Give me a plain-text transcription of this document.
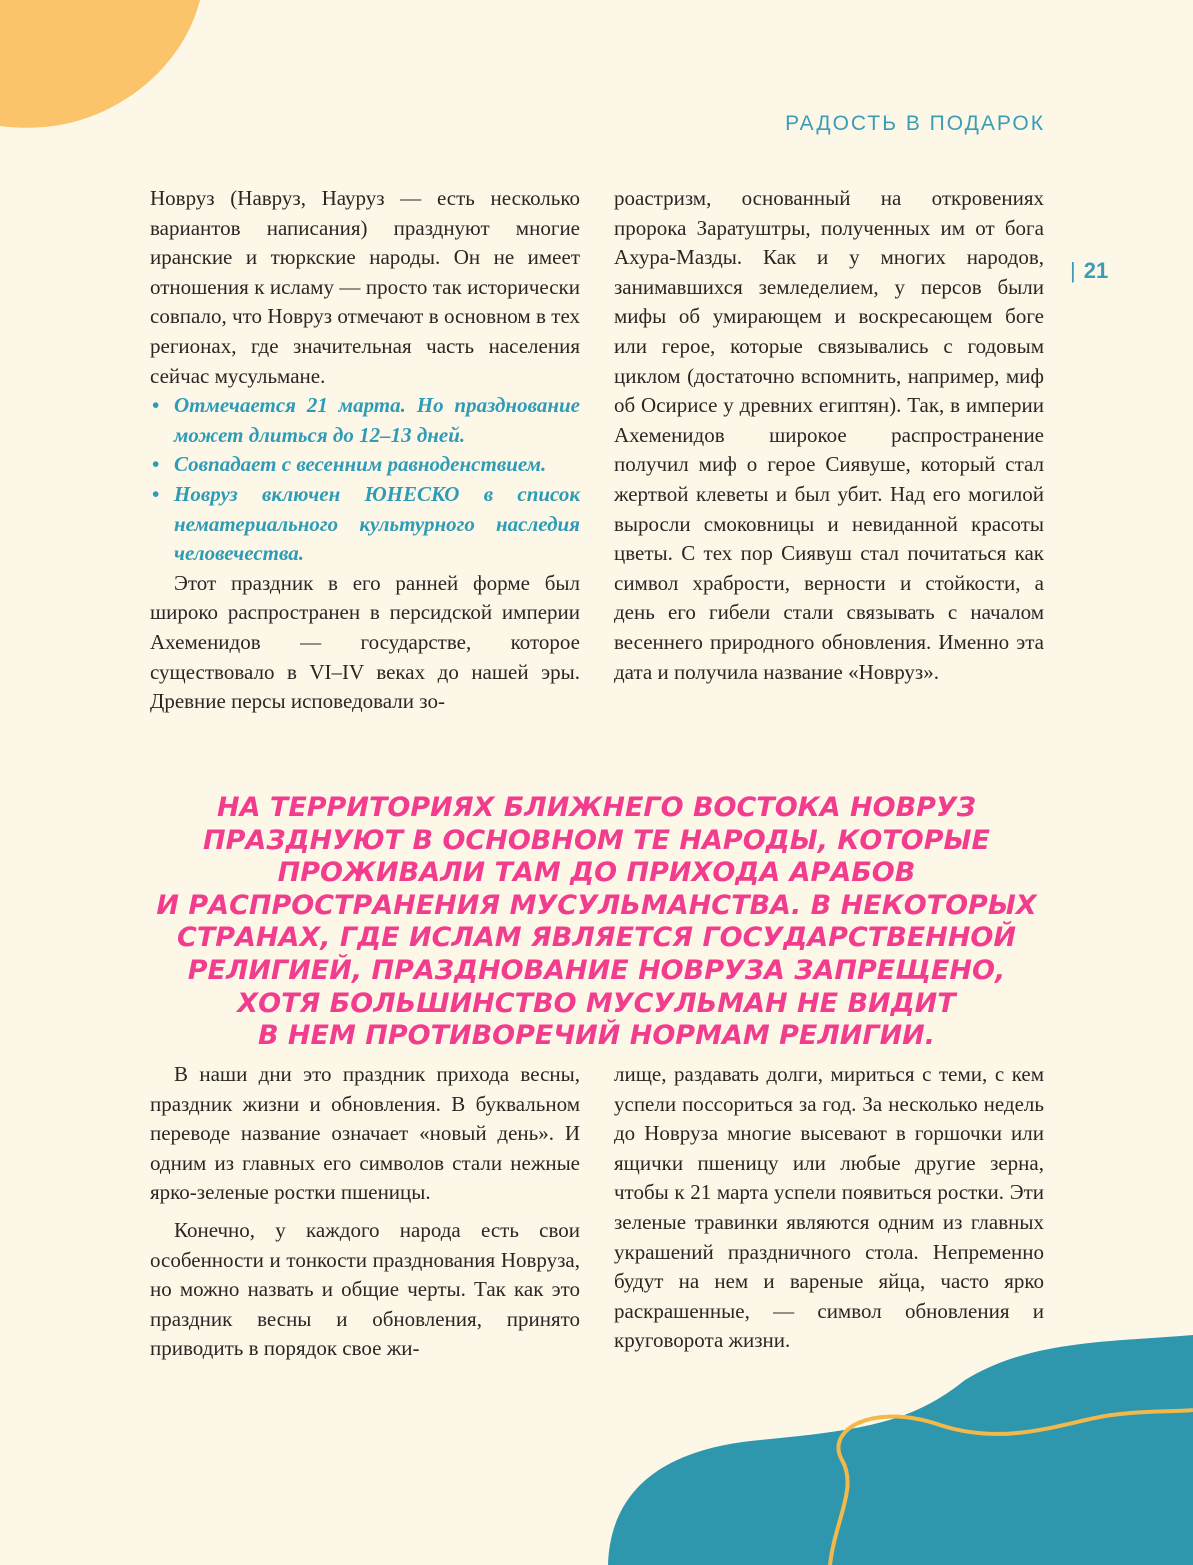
РАДОСТЬ В ПОДАРОК
| 21

Новруз (Навруз, Науруз — есть несколько вариантов написания) празднуют многие иранские и тюркские народы. Он не имеет отношения к исламу — просто так исторически совпало, что Новруз отмечают в основном в тех регионах, где значительная часть населения сейчас мусульмане.

• Отмечается 21 марта. Но празднование может длиться до 12–13 дней.
• Совпадает с весенним равноденствием.
• Новруз включен ЮНЕСКО в список нематериального культурного наследия человечества.

Этот праздник в его ранней форме был широко распространен в персидской империи Ахеменидов — государстве, которое существовало в VI–IV веках до нашей эры. Древние персы исповедовали зо-

роастризм, основанный на откровениях пророка Заратуштры, полученных им от бога Ахура-Мазды. Как и у многих народов, занимавшихся земледелием, у персов были мифы об умирающем и воскресающем боге или герое, которые связывались с годовым циклом (достаточно вспомнить, например, миф об Осирисе у древних египтян). Так, в империи Ахеменидов широкое распространение получил миф о герое Сиявуше, который стал жертвой клеветы и был убит. Над его могилой выросли смоковницы и невиданной красоты цветы. С тех пор Сиявуш стал почитаться как символ храбрости, верности и стойкости, а день его гибели стали связывать с началом весеннего природного обновления. Именно эта дата и получила название «Новруз».

НА ТЕРРИТОРИЯХ БЛИЖНЕГО ВОСТОКА НОВРУЗ
ПРАЗДНУЮТ В ОСНОВНОМ ТЕ НАРОДЫ, КОТОРЫЕ
ПРОЖИВАЛИ ТАМ ДО ПРИХОДА АРАБОВ
И РАСПРОСТРАНЕНИЯ МУСУЛЬМАНСТВА. В НЕКОТОРЫХ
СТРАНАХ, ГДЕ ИСЛАМ ЯВЛЯЕТСЯ ГОСУДАРСТВЕННОЙ
РЕЛИГИЕЙ, ПРАЗДНОВАНИЕ НОВРУЗА ЗАПРЕЩЕНО,
ХОТЯ БОЛЬШИНСТВО МУСУЛЬМАН НЕ ВИДИТ
В НЕМ ПРОТИВОРЕЧИЙ НОРМАМ РЕЛИГИИ.

В наши дни это праздник прихода весны, праздник жизни и обновления. В буквальном переводе название означает «новый день». И одним из главных его символов стали нежные ярко-зеленые ростки пшеницы.

Конечно, у каждого народа есть свои особенности и тонкости празднования Новруза, но можно назвать и общие черты. Так как это праздник весны и обновления, принято приводить в порядок свое жи-

лище, раздавать долги, мириться с теми, с кем успели поссориться за год. За несколько недель до Новруза многие высевают в горшочки или ящички пшеницу или любые другие зерна, чтобы к 21 марта успели появиться ростки. Эти зеленые травинки являются одним из главных украшений праздничного стола. Непременно будут на нем и вареные яйца, часто ярко раскрашенные, — символ обновления и круговорота жизни.
